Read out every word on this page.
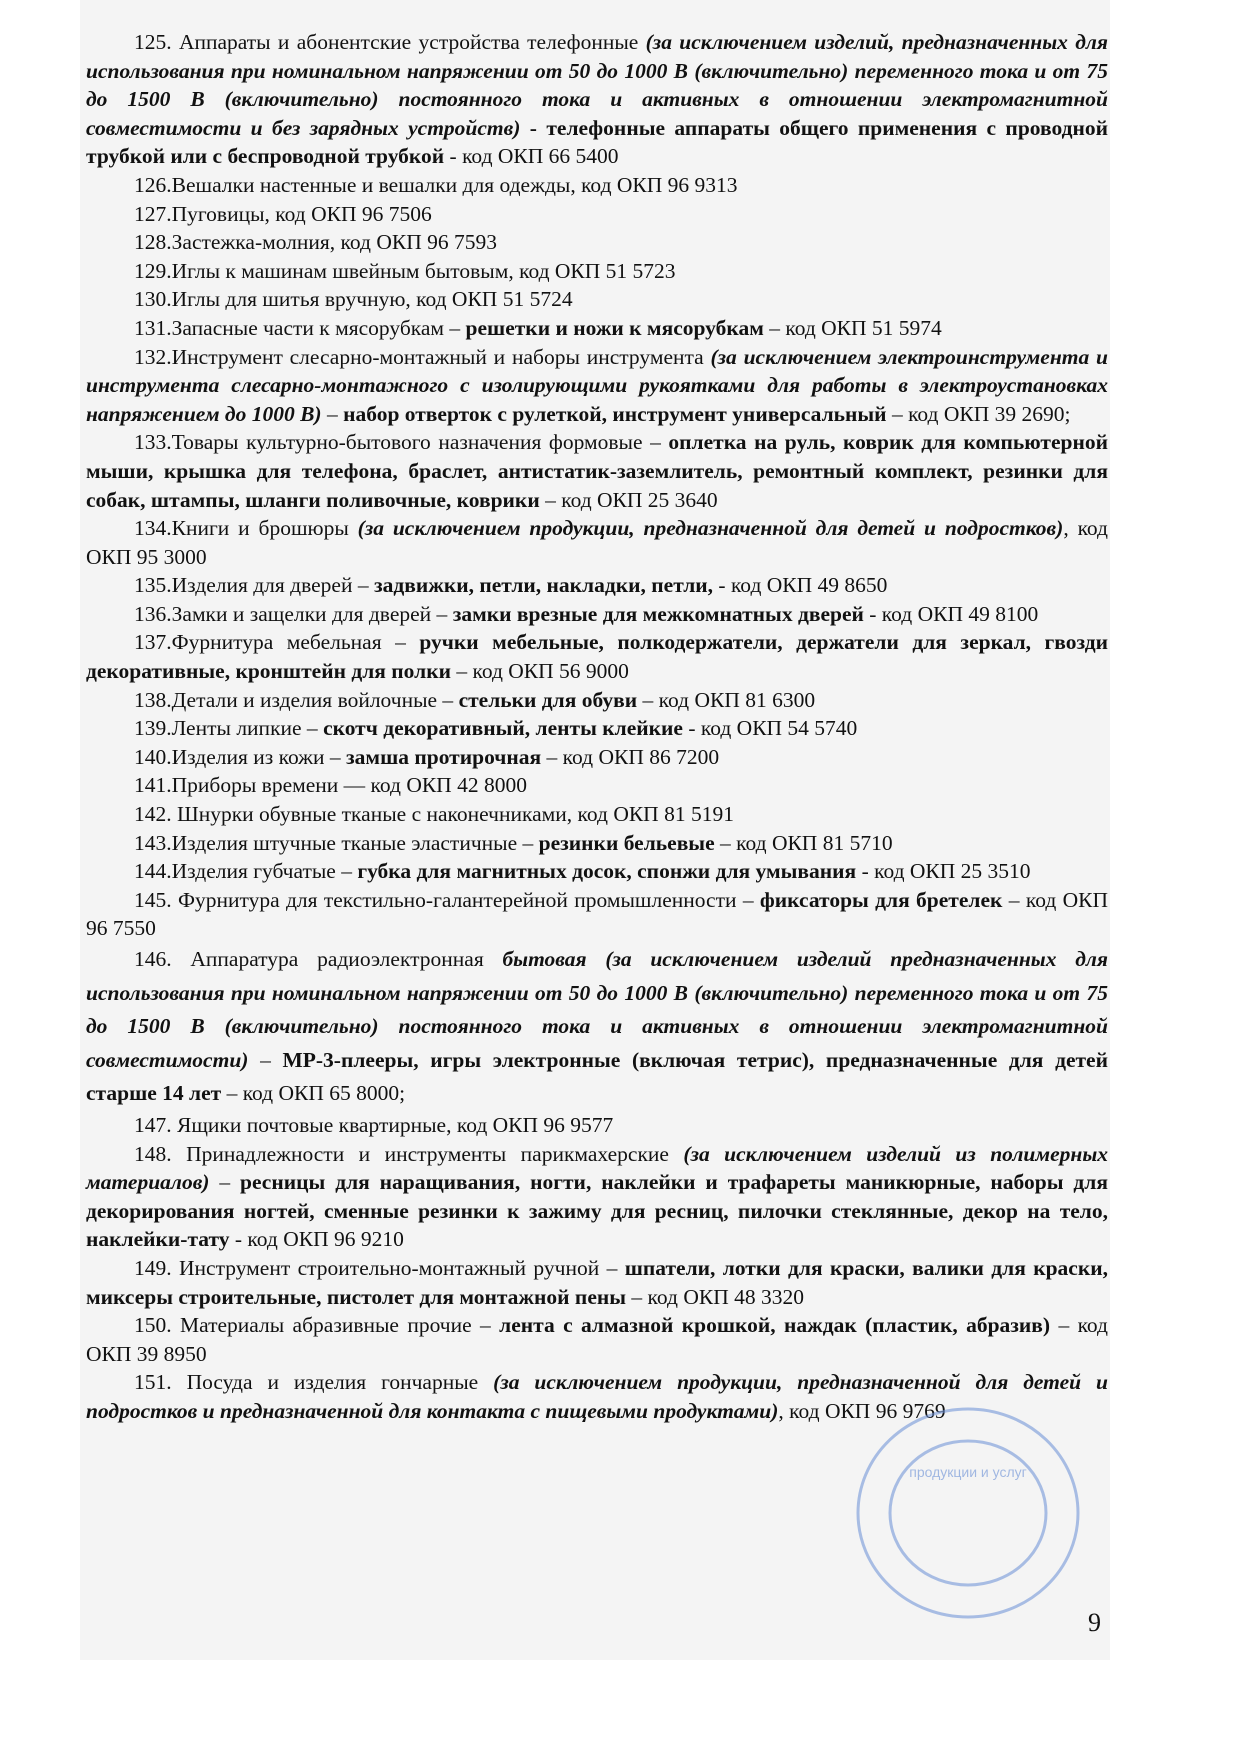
125. Аппараты и абонентские устройства телефонные (за исключением изделий, предназначенных для использования при номинальном напряжении от 50 до 1000 В (включительно) переменного тока и от 75 до 1500 В (включительно) постоянного тока и активных в отношении электромагнитной совместимости и без зарядных устройств) - телефонные аппараты общего применения с проводной трубкой или с беспроводной трубкой - код ОКП 66 5400

126.Вешалки настенные и вешалки для одежды, код ОКП 96 9313

127.Пуговицы, код ОКП 96 7506

128.Застежка-молния, код ОКП 96 7593

129.Иглы к машинам швейным бытовым, код ОКП 51 5723

130.Иглы для шитья вручную, код ОКП 51 5724

131.Запасные части к мясорубкам – решетки и ножи к мясорубкам – код ОКП 51 5974

132.Инструмент слесарно-монтажный и наборы инструмента (за исключением электроинструмента и инструмента слесарно-монтажного с изолирующими рукоятками для работы в электроустановках напряжением до 1000 В) – набор отверток с рулеткой, инструмент универсальный – код ОКП 39 2690;

133.Товары культурно-бытового назначения формовые – оплетка на руль, коврик для компьютерной мыши, крышка для телефона, браслет, антистатик-заземлитель, ремонтный комплект, резинки для собак, штампы, шланги поливочные, коврики – код ОКП 25 3640

134.Книги и брошюры (за исключением продукции, предназначенной для детей и подростков), код ОКП 95 3000

135.Изделия для дверей – задвижки, петли, накладки, петли, - код ОКП 49 8650

136.Замки и защелки для дверей – замки врезные для межкомнатных дверей - код ОКП 49 8100

137.Фурнитура мебельная – ручки мебельные, полкодержатели, держатели для зеркал, гвозди декоративные, кронштейн для полки – код ОКП 56 9000

138.Детали и изделия войлочные – стельки для обуви – код ОКП 81 6300

139.Ленты липкие – скотч декоративный, ленты клейкие - код ОКП 54 5740

140.Изделия из кожи – замша протирочная – код ОКП 86 7200

141.Приборы времени — код ОКП 42 8000

142. Шнурки обувные тканые с наконечниками, код ОКП 81 5191

143.Изделия штучные тканые эластичные – резинки бельевые – код ОКП 81 5710

144.Изделия губчатые – губка для магнитных досок, спонжи для умывания - код ОКП 25 3510

145. Фурнитура для текстильно-галантерейной промышленности – фиксаторы для бретелек – код ОКП 96 7550

146. Аппаратура радиоэлектронная бытовая (за исключением изделий предназначенных для использования при номинальном напряжении от 50 до 1000 В (включительно) переменного тока и от 75 до 1500 В (включительно) постоянного тока и активных в отношении электромагнитной совместимости) – МР-3-плееры, игры электронные (включая тетрис), предназначенные для детей старше 14 лет – код ОКП 65 8000;

147. Ящики почтовые квартирные, код ОКП 96 9577

148. Принадлежности и инструменты парикмахерские (за исключением изделий из полимерных материалов) – ресницы для наращивания, ногти, наклейки и трафареты маникюрные, наборы для декорирования ногтей, сменные резинки к зажиму для ресниц, пилочки стеклянные, декор на тело, наклейки-тату - код ОКП 96 9210

149. Инструмент строительно-монтажный ручной – шпатели, лотки для краски, валики для краски, миксеры строительные, пистолет для монтажной пены – код ОКП 48 3320

150. Материалы абразивные прочие – лента с алмазной крошкой, наждак (пластик, абразив) – код ОКП 39 8950

151. Посуда и изделия гончарные (за исключением продукции, предназначенной для детей и подростков и предназначенной для контакта с пищевыми продуктами), код ОКП 96 9769

продукции и услуг
9
